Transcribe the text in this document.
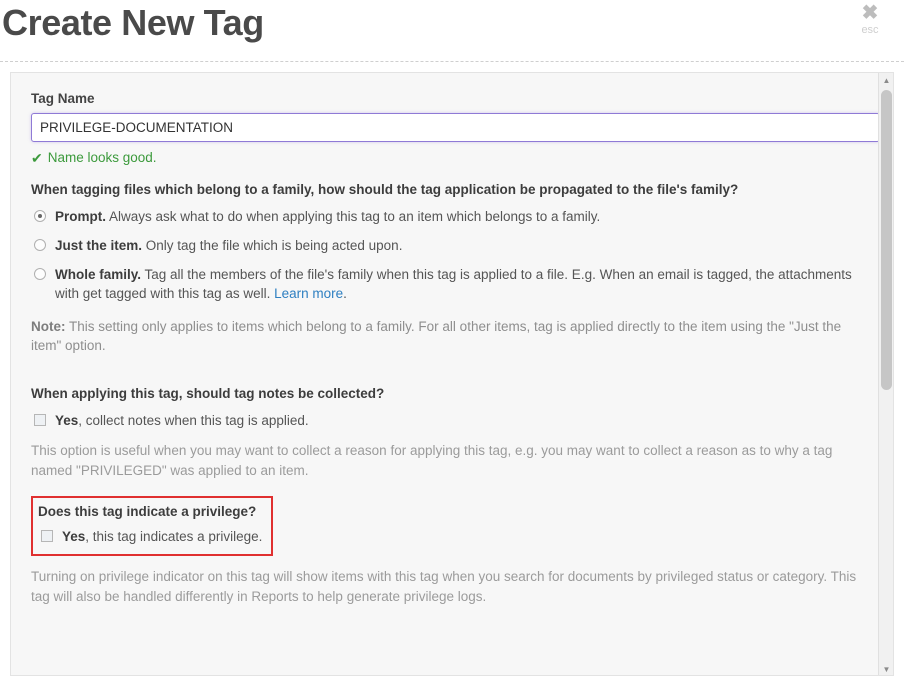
Create New Tag	✖
esc
Tag Name
PRIVILEGE-DOCUMENTATION
✔ Name looks good.
When tagging files which belong to a family, how should the tag application be propagated to the file's family?
Prompt. Always ask what to do when applying this tag to an item which belongs to a family.
Just the item. Only tag the file which is being acted upon.
Whole family. Tag all the members of the file's family when this tag is applied to a file. E.g. When an email is tagged, the attachments with get tagged with this tag as well. Learn more.
Note: This setting only applies to items which belong to a family. For all other items, tag is applied directly to the item using the "Just the item" option.
When applying this tag, should tag notes be collected?
Yes, collect notes when this tag is applied.
This option is useful when you may want to collect a reason for applying this tag, e.g. you may want to collect a reason as to why a tag named "PRIVILEGED" was applied to an item.
Does this tag indicate a privilege?
Yes, this tag indicates a privilege.
Turning on privilege indicator on this tag will show items with this tag when you search for documents by privileged status or category. This tag will also be handled differently in Reports to help generate privilege logs.
▲
▼
